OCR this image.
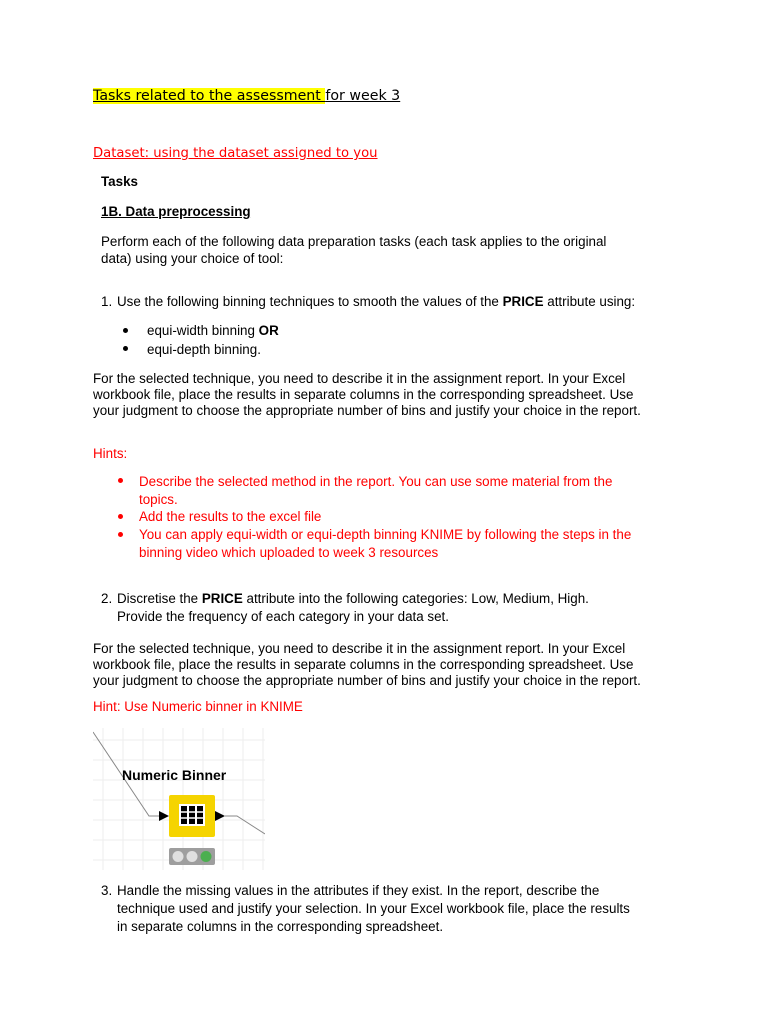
Tasks related to the assessment for week 3
Dataset: using the dataset assigned to you
Tasks
1B. Data preprocessing
Perform each of the following data preparation tasks (each task applies to the original
data) using your choice of tool:
1. Use the following binning techniques to smooth the values of the PRICE attribute using:
equi-width binning OR
equi-depth binning.
For the selected technique, you need to describe it in the assignment report. In your Excel
workbook file, place the results in separate columns in the corresponding spreadsheet. Use
your judgment to choose the appropriate number of bins and justify your choice in the report.
Hints:
Describe the selected method in the report. You can use some material from the
topics.
Add the results to the excel file
You can apply equi-width or equi-depth binning KNIME by following the steps in the
binning video which uploaded to week 3 resources
2. Discretise the PRICE attribute into the following categories: Low, Medium, High.
Provide the frequency of each category in your data set.
For the selected technique, you need to describe it in the assignment report. In your Excel
workbook file, place the results in separate columns in the corresponding spreadsheet. Use
your judgment to choose the appropriate number of bins and justify your choice in the report.
Hint: Use Numeric binner in KNIME
Numeric Binner
3. Handle the missing values in the attributes if they exist. In the report, describe the
technique used and justify your selection. In your Excel workbook file, place the results
in separate columns in the corresponding spreadsheet.
